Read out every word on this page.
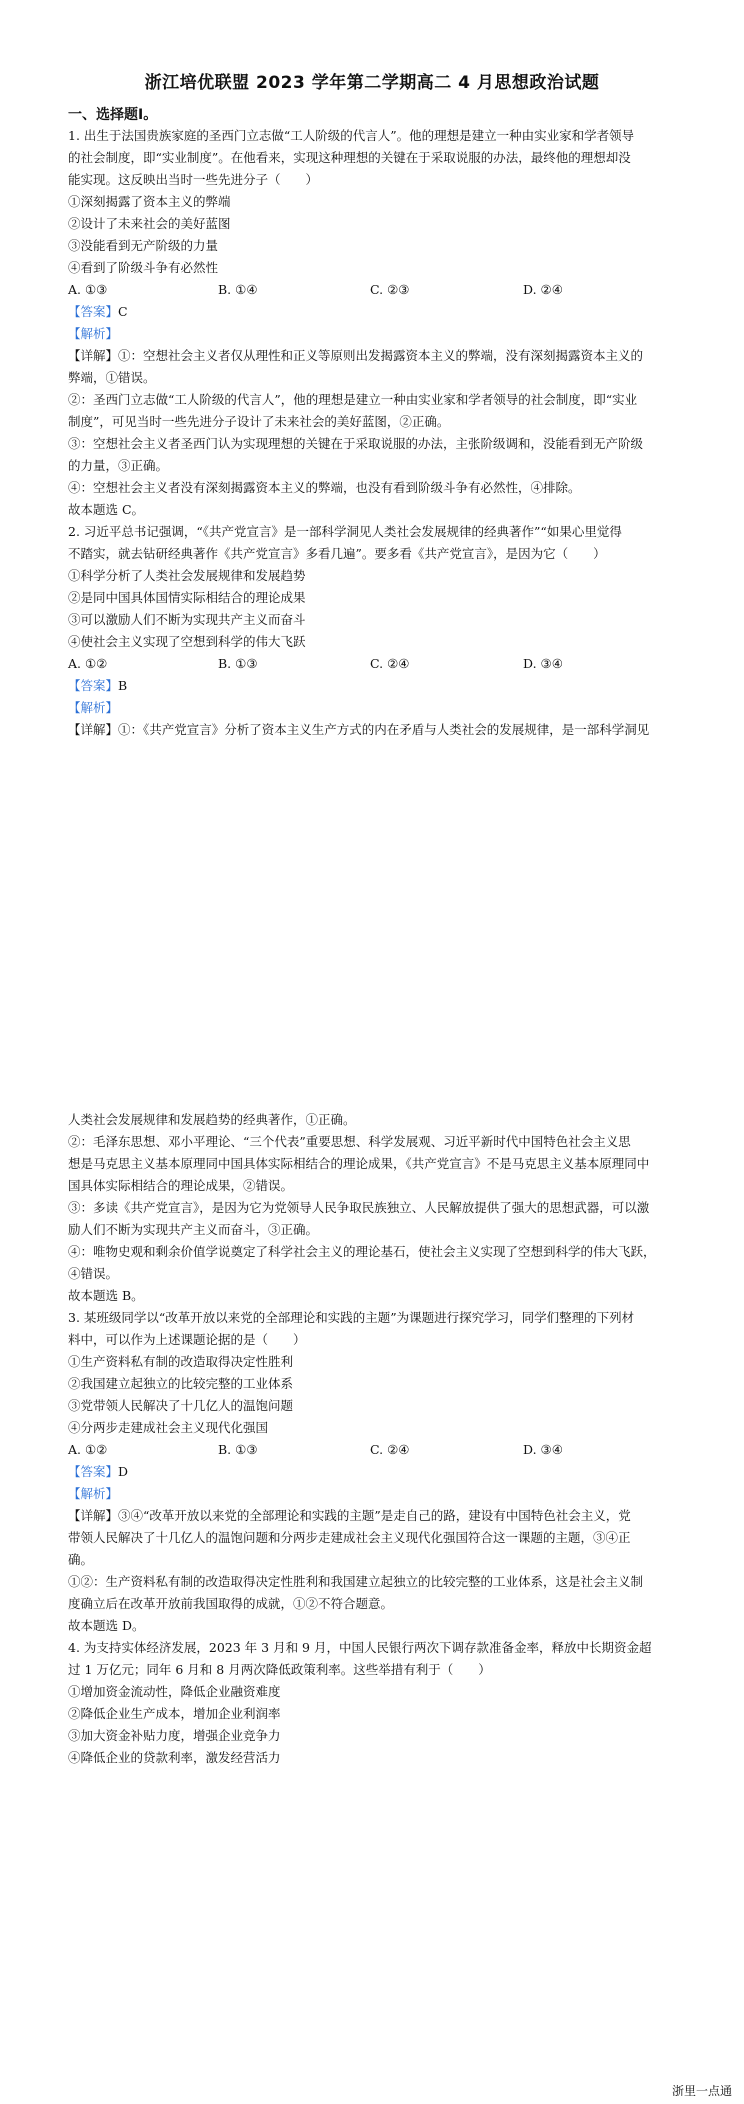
浙江培优联盟 2023 学年第二学期高二 4 月思想政治试题
一、选择题Ⅰ。
1. 出生于法国贵族家庭的圣西门立志做“工人阶级的代言人”。他的理想是建立一种由实业家和学者领导
的社会制度，即“实业制度”。在他看来，实现这种理想的关键在于采取说服的办法，最终他的理想却没
能实现。这反映出当时一些先进分子（　　）
①深刻揭露了资本主义的弊端
②设计了未来社会的美好蓝图
③没能看到无产阶级的力量
④看到了阶级斗争有必然性
A. ①③	B. ①④	C. ②③	D. ②④
【答案】C
【解析】
【详解】①：空想社会主义者仅从理性和正义等原则出发揭露资本主义的弊端，没有深刻揭露资本主义的
弊端，①错误。
②：圣西门立志做“工人阶级的代言人”，他的理想是建立一种由实业家和学者领导的社会制度，即“实业
制度”，可见当时一些先进分子设计了未来社会的美好蓝图，②正确。
③：空想社会主义者圣西门认为实现理想的关键在于采取说服的办法，主张阶级调和，没能看到无产阶级
的力量，③正确。
④：空想社会主义者没有深刻揭露资本主义的弊端，也没有看到阶级斗争有必然性，④排除。
故本题选 C。
2. 习近平总书记强调，“《共产党宣言》是一部科学洞见人类社会发展规律的经典著作”“如果心里觉得
不踏实，就去钻研经典著作《共产党宣言》多看几遍”。要多看《共产党宣言》，是因为它（　　）
①科学分析了人类社会发展规律和发展趋势
②是同中国具体国情实际相结合的理论成果
③可以激励人们不断为实现共产主义而奋斗
④使社会主义实现了空想到科学的伟大飞跃
A. ①②	B. ①③	C. ②④	D. ③④
【答案】B
【解析】
【详解】①：《共产党宣言》分析了资本主义生产方式的内在矛盾与人类社会的发展规律，是一部科学洞见
人类社会发展规律和发展趋势的经典著作，①正确。
②：毛泽东思想、邓小平理论、“三个代表”重要思想、科学发展观、习近平新时代中国特色社会主义思
想是马克思主义基本原理同中国具体实际相结合的理论成果，《共产党宣言》不是马克思主义基本原理同中
国具体实际相结合的理论成果，②错误。
③：多读《共产党宣言》，是因为它为党领导人民争取民族独立、人民解放提供了强大的思想武器，可以激
励人们不断为实现共产主义而奋斗，③正确。
④：唯物史观和剩余价值学说奠定了科学社会主义的理论基石，使社会主义实现了空想到科学的伟大飞跃，
④错误。
故本题选 B。
3. 某班级同学以“改革开放以来党的全部理论和实践的主题”为课题进行探究学习，同学们整理的下列材
料中，可以作为上述课题论据的是（　　）
①生产资料私有制的改造取得决定性胜利
②我国建立起独立的比较完整的工业体系
③党带领人民解决了十几亿人的温饱问题
④分两步走建成社会主义现代化强国
A. ①②	B. ①③	C. ②④	D. ③④
【答案】D
【解析】
【详解】③④“改革开放以来党的全部理论和实践的主题”是走自己的路，建设有中国特色社会主义，党
带领人民解决了十几亿人的温饱问题和分两步走建成社会主义现代化强国符合这一课题的主题，③④正
确。
①②：生产资料私有制的改造取得决定性胜利和我国建立起独立的比较完整的工业体系，这是社会主义制
度确立后在改革开放前我国取得的成就，①②不符合题意。
故本题选 D。
4. 为支持实体经济发展，2023 年 3 月和 9 月，中国人民银行两次下调存款准备金率，释放中长期资金超
过 1 万亿元；同年 6 月和 8 月两次降低政策利率。这些举措有利于（　　）
①增加资金流动性，降低企业融资难度
②降低企业生产成本，增加企业利润率
③加大资金补贴力度，增强企业竞争力
④降低企业的贷款利率，激发经营活力
浙里一点通
